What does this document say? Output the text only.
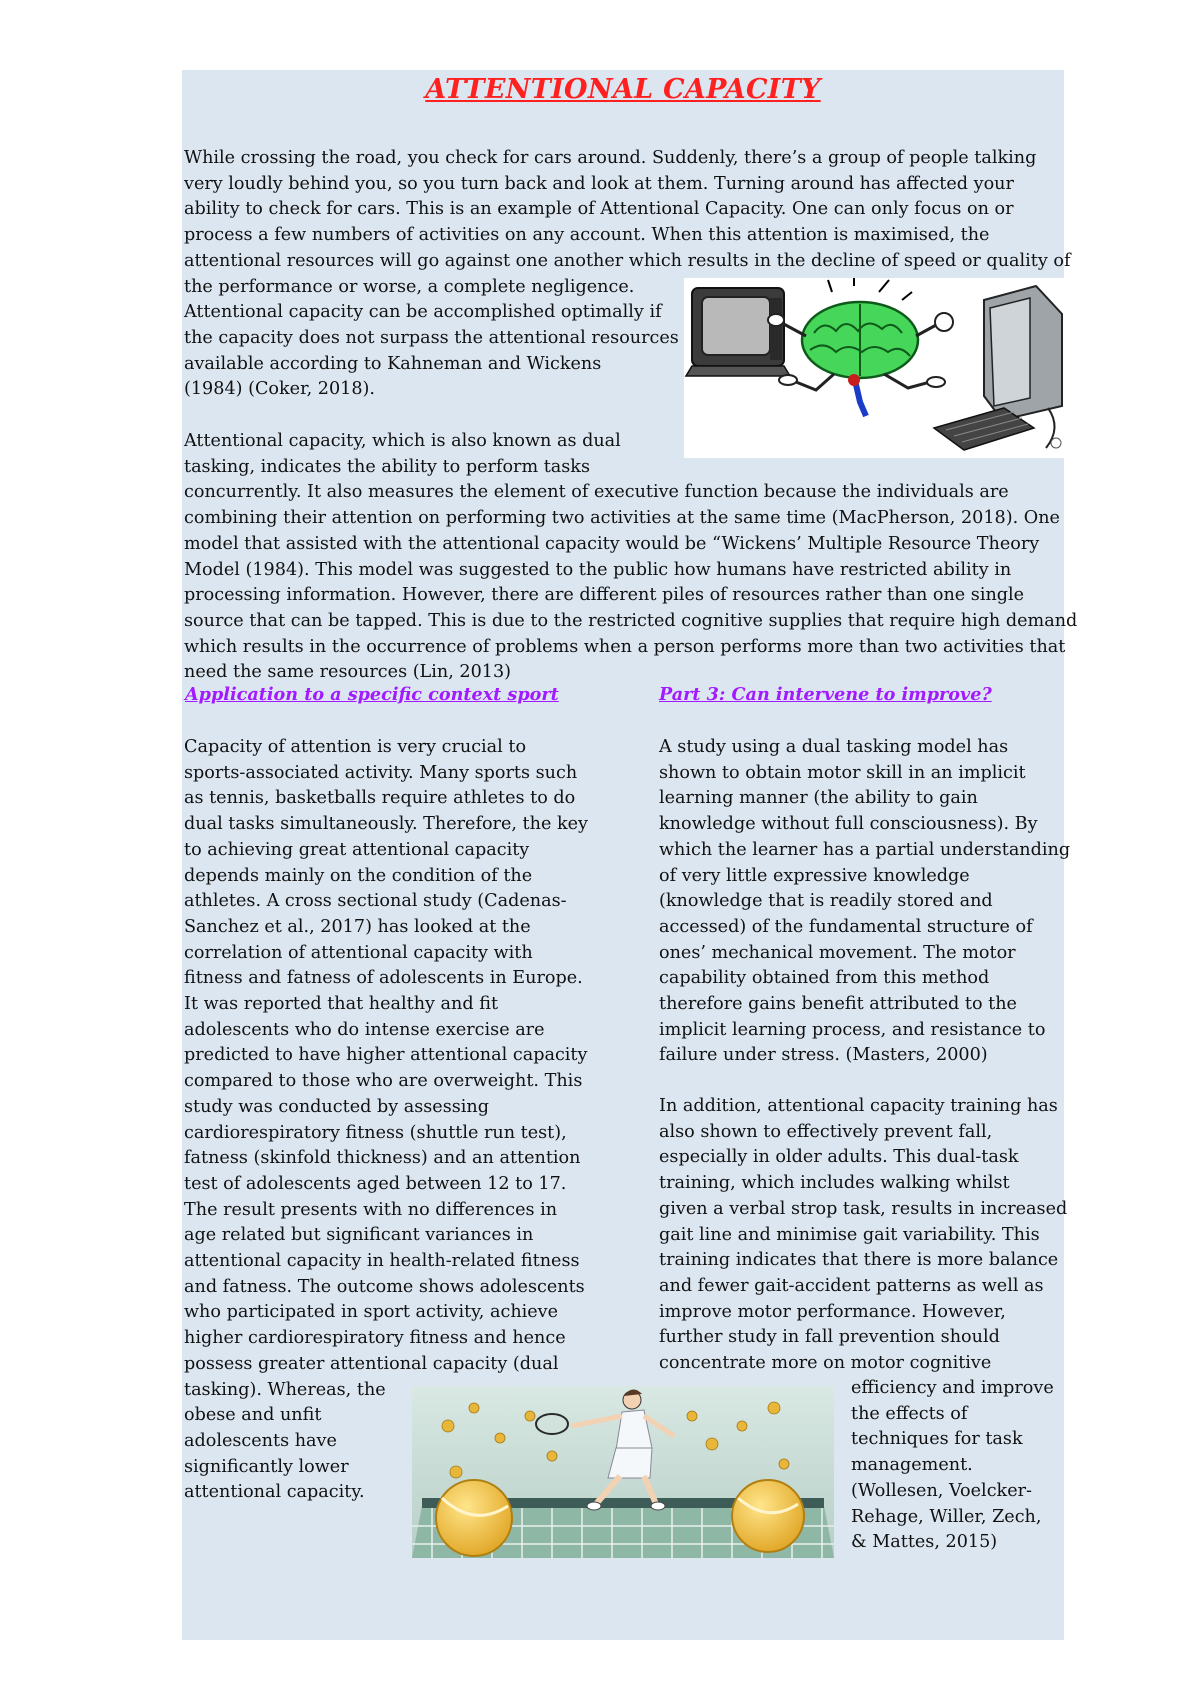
ATTENTIONAL CAPACITY
While crossing the road, you check for cars around. Suddenly, there’s a group of people talking
very loudly behind you, so you turn back and look at them. Turning around has affected your
ability to check for cars. This is an example of Attentional Capacity. One can only focus on or
process a few numbers of activities on any account. When this attention is maximised, the
attentional resources will go against one another which results in the decline of speed or quality of
the performance or worse, a complete negligence.
Attentional capacity can be accomplished optimally if
the capacity does not surpass the attentional resources
available according to Kahneman and Wickens
(1984) (Coker, 2018).
Attentional capacity, which is also known as dual
tasking, indicates the ability to perform tasks
concurrently. It also measures the element of executive function because the individuals are
combining their attention on performing two activities at the same time (MacPherson, 2018). One
model that assisted with the attentional capacity would be “Wickens’ Multiple Resource Theory
Model (1984). This model was suggested to the public how humans have restricted ability in
processing information. However, there are different piles of resources rather than one single
source that can be tapped. This is due to the restricted cognitive supplies that require high demand
which results in the occurrence of problems when a person performs more than two activities that
need the same resources (Lin, 2013)
Application to a specific context sport	Part 3: Can intervene to improve?
Capacity of attention is very crucial to
sports-associated activity. Many sports such
as tennis, basketballs require athletes to do
dual tasks simultaneously. Therefore, the key
to achieving great attentional capacity
depends mainly on the condition of the
athletes. A cross sectional study (Cadenas-
Sanchez et al., 2017) has looked at the
correlation of attentional capacity with
fitness and fatness of adolescents in Europe.
It was reported that healthy and fit
adolescents who do intense exercise are
predicted to have higher attentional capacity
compared to those who are overweight. This
study was conducted by assessing
cardiorespiratory fitness (shuttle run test),
fatness (skinfold thickness) and an attention
test of adolescents aged between 12 to 17.
The result presents with no differences in
age related but significant variances in
attentional capacity in health-related fitness
and fatness. The outcome shows adolescents
who participated in sport activity, achieve
higher cardiorespiratory fitness and hence
possess greater attentional capacity (dual
tasking). Whereas, the
obese and unfit
adolescents have
significantly lower
attentional capacity.
A study using a dual tasking model has
shown to obtain motor skill in an implicit
learning manner (the ability to gain
knowledge without full consciousness). By
which the learner has a partial understanding
of very little expressive knowledge
(knowledge that is readily stored and
accessed) of the fundamental structure of
ones’ mechanical movement. The motor
capability obtained from this method
therefore gains benefit attributed to the
implicit learning process, and resistance to
failure under stress. (Masters, 2000)
In addition, attentional capacity training has
also shown to effectively prevent fall,
especially in older adults. This dual-task
training, which includes walking whilst
given a verbal strop task, results in increased
gait line and minimise gait variability. This
training indicates that there is more balance
and fewer gait-accident patterns as well as
improve motor performance. However,
further study in fall prevention should
concentrate more on motor cognitive
efficiency and improve
the effects of
techniques for task
management.
(Wollesen, Voelcker-
Rehage, Willer, Zech,
& Mattes, 2015)
